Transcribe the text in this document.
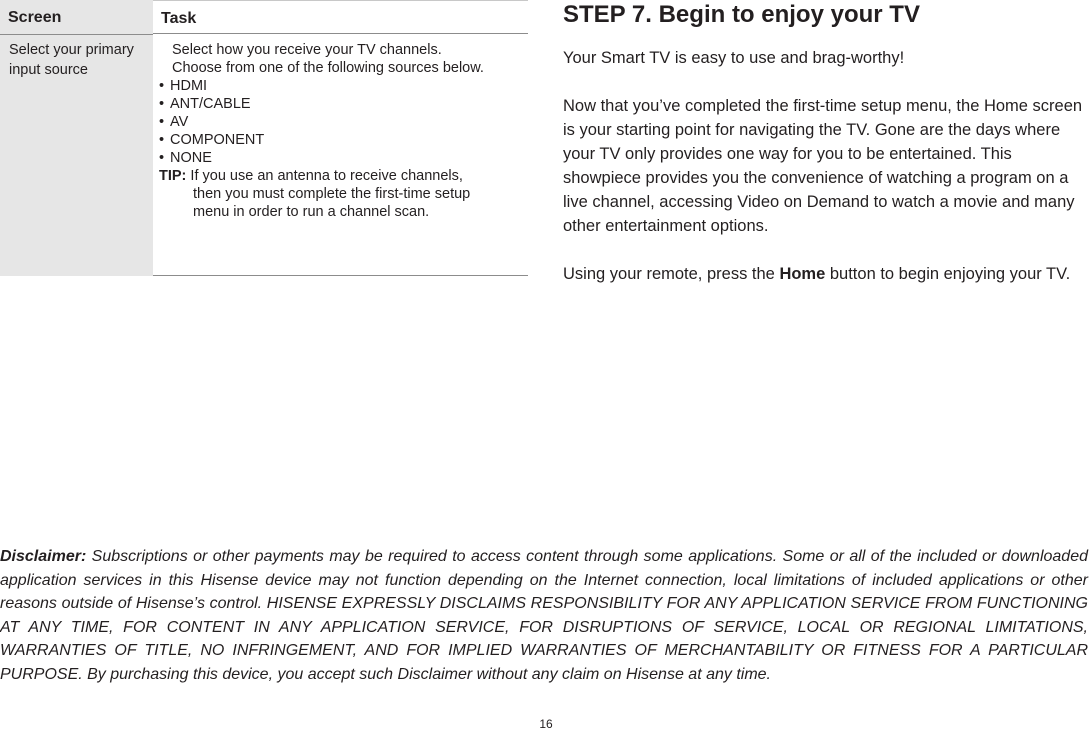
Screen	Task
Select your primary input source
Select how you receive your TV channels.
Choose from one of the following sources below.
• HDMI
• ANT/CABLE
• AV
• COMPONENT
• NONE
TIP: If you use an antenna to receive channels,
then you must complete the first-time setup
menu in order to run a channel scan.
STEP 7. Begin to enjoy your TV
Your Smart TV is easy to use and brag-worthy!
Now that you’ve completed the first-time setup menu, the Home screen is your starting point for navigating the TV. Gone are the days where your TV only provides one way for you to be entertained. This showpiece provides you the convenience of watching a program on a live channel, accessing Video on Demand to watch a movie and many other entertainment options.
Using your remote, press the Home button to begin enjoying your TV.
Disclaimer: Subscriptions or other payments may be required to access content through some applications. Some or all of the included or downloaded application services in this Hisense device may not function depending on the Internet connection, local limitations of included applications or other reasons outside of Hisense’s control. HISENSE EXPRESSLY DISCLAIMS RESPONSIBILITY FOR ANY APPLICATION SERVICE FROM FUNCTIONING AT ANY TIME, FOR CONTENT IN ANY APPLICATION SERVICE, FOR DISRUPTIONS OF SERVICE, LOCAL OR REGIONAL LIMITATIONS, WARRANTIES OF TITLE, NO INFRINGEMENT, AND FOR IMPLIED WARRANTIES OF MERCHANTABILITY OR FITNESS FOR A PARTICULAR PURPOSE. By purchasing this device, you accept such Disclaimer without any claim on Hisense at any time.
16
